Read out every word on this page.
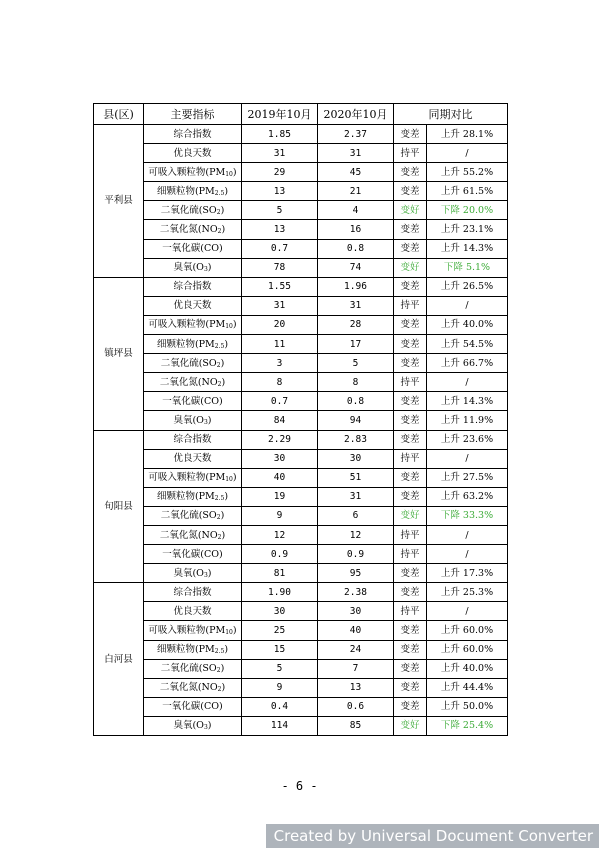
县(区)	主要指标	2019年10月	2020年10月	同期对比	
平利县	综合指数	1.85	2.37	变差	上升 28.1%
	优良天数	31	31	持平	/
	可吸入颗粒物$(PM_{10})$	29	45	变差	上升 55.2%
	细颗粒物$(PM_{2.5})$	13	21	变差	上升 61.5%
	二氧化硫$(SO_2)$	5	4	变好	下降 20.0%
	二氧化氮$(NO_2)$	13	16	变差	上升 23.1%
	一氧化碳(CO)	0.7	0.8	变差	上升 14.3%
	臭氧$(O_3)$	78	74	变好	下降 5.1%
镇坪县	综合指数	1.55	1.96	变差	上升 26.5%
	优良天数	31	31	持平	/
	可吸入颗粒物$(PM_{10})$	20	28	变差	上升 40.0%
	细颗粒物$(PM_{2.5})$	11	17	变差	上升 54.5%
	二氧化硫$(SO_2)$	3	5	变差	上升 66.7%
	二氧化氮$(NO_2)$	8	8	持平	/
	一氧化碳(CO)	0.7	0.8	变差	上升 14.3%
	臭氧$(O_3)$	84	94	变差	上升 11.9%
旬阳县	综合指数	2.29	2.83	变差	上升 23.6%
	优良天数	30	30	持平	/
	可吸入颗粒物$(PM_{10})$	40	51	变差	上升 27.5%
	细颗粒物$(PM_{2.5})$	19	31	变差	上升 63.2%
	二氧化硫$(SO_2)$	9	6	变好	下降 33.3%
	二氧化氮$(NO_2)$	12	12	持平	/
	一氧化碳(CO)	0.9	0.9	持平	/
	臭氧$(O_3)$	81	95	变差	上升 17.3%
白河县	综合指数	1.90	2.38	变差	上升 25.3%
	优良天数	30	30	持平	/
	可吸入颗粒物$(PM_{10})$	25	40	变差	上升 60.0%
	细颗粒物$(PM_{2.5})$	15	24	变差	上升 60.0%
	二氧化硫$(SO_2)$	5	7	变差	上升 40.0%
	二氧化氮$(NO_2)$	9	13	变差	上升 44.4%
	一氧化碳(CO)	0.4	0.6	变差	上升 50.0%
	臭氧$(O_3)$	114	85	变好	下降 25.4%
- 6 -
Created by Universal Document Converter
